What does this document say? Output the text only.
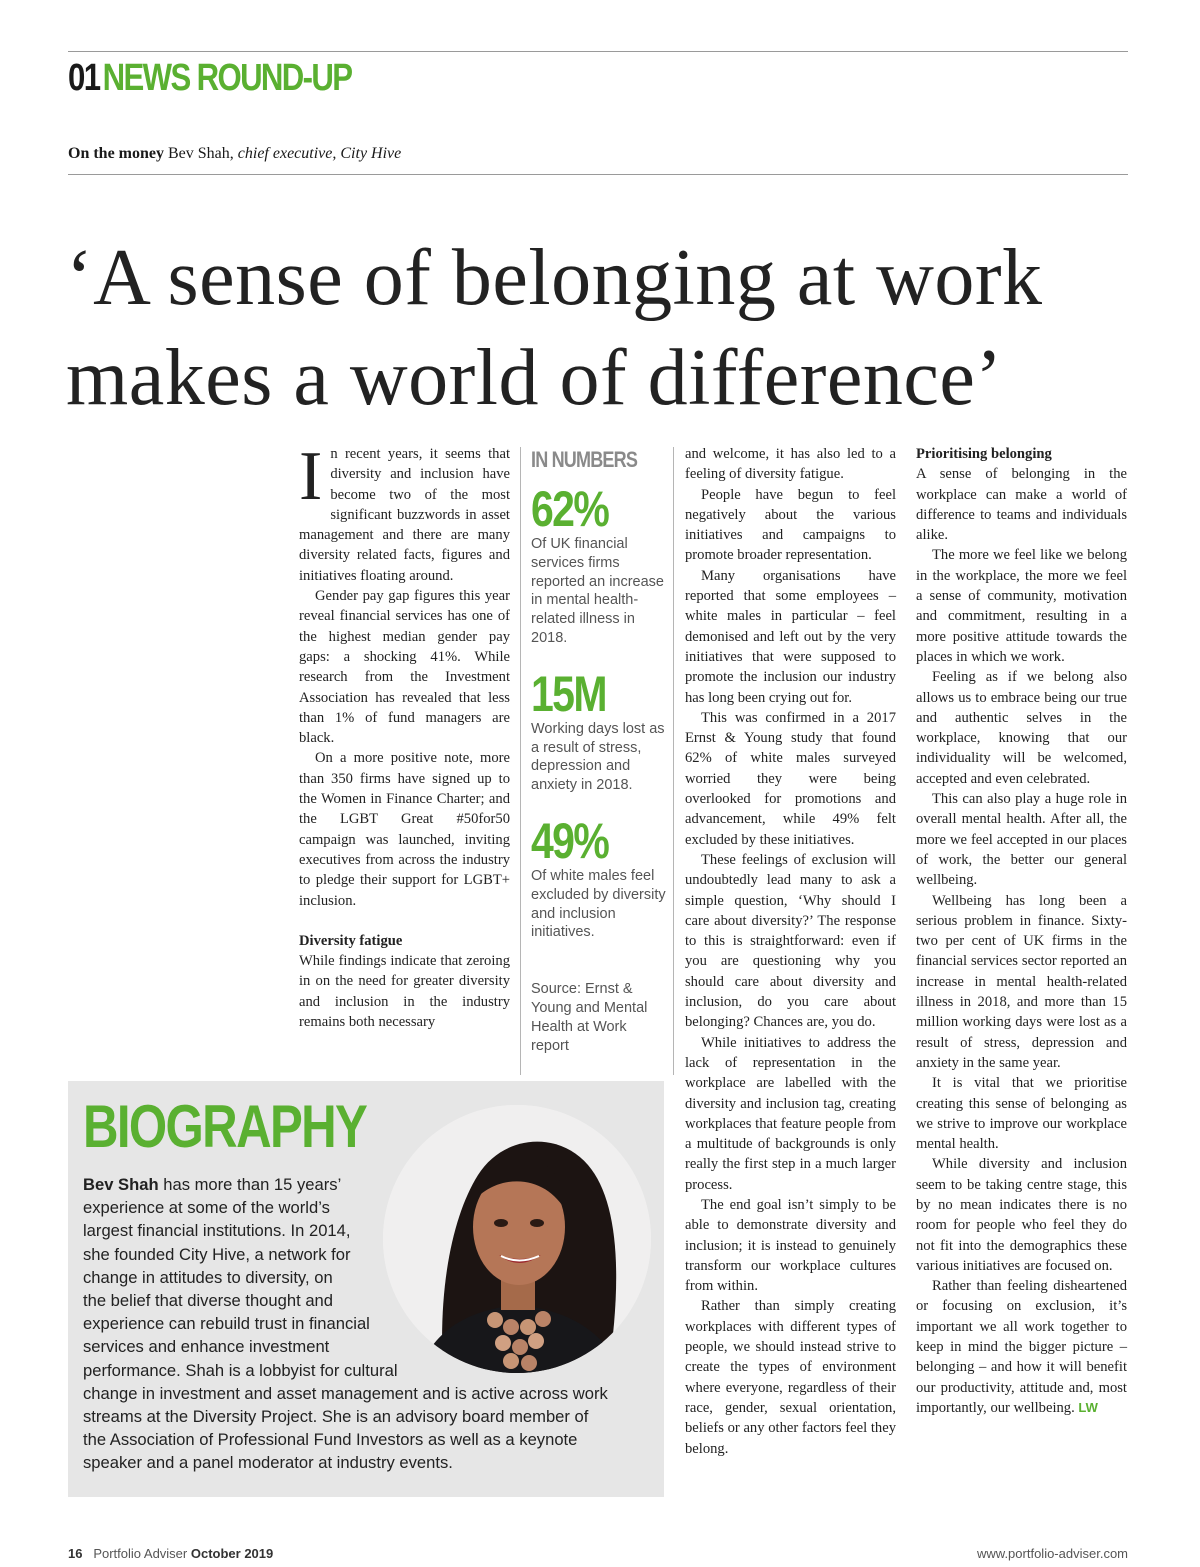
01NEWS ROUND-UP
On the money Bev Shah, chief executive, City Hive
‘A sense of belonging at work
makes a world of difference’
I n recent years, it seems that diversity and inclusion have become two of the most significant buzzwords in asset management and there are many diversity related facts, figures and initiatives floating around.

Gender pay gap figures this year reveal financial services has one of the highest median gender pay gaps: a shocking 41%. While research from the Investment Association has revealed that less than 1% of fund managers are black.

On a more positive note, more than 350 firms have signed up to the Women in Finance Charter; and the LGBT Great #50for50 campaign was launched, inviting executives from across the industry to pledge their support for LGBT+ inclusion.

Diversity fatigue

While findings indicate that zeroing in on the need for greater diversity and inclusion in the industry remains both necessary

IN NUMBERS
62%
Of UK financial services firms reported an increase in mental health-related illness in 2018.
15M
Working days lost as a result of stress, depression and anxiety in 2018.
49%
Of white males feel excluded by diversity and inclusion initiatives.
Source: Ernst & Young and Mental Health at Work report

and welcome, it has also led to a feeling of diversity fatigue.

People have begun to feel negatively about the various initiatives and campaigns to promote broader representation.

Many organisations have reported that some employees – white males in particular – feel demonised and left out by the very initiatives that were supposed to promote the inclusion our industry has long been crying out for.

This was confirmed in a 2017 Ernst & Young study that found 62% of white males surveyed worried they were being overlooked for promotions and advancement, while 49% felt excluded by these initiatives.

These feelings of exclusion will undoubtedly lead many to ask a simple question, ‘Why should I care about diversity?’ The response to this is straightforward: even if you are questioning why you should care about diversity and inclusion, do you care about belonging? Chances are, you do.

While initiatives to address the lack of representation in the workplace are labelled with the diversity and inclusion tag, creating workplaces that feature people from a multitude of backgrounds is only really the first step in a much larger process.

The end goal isn’t simply to be able to demonstrate diversity and inclusion; it is instead to genuinely transform our workplace cultures from within.

Rather than simply creating workplaces with different types of people, we should instead strive to create the types of environment where everyone, regardless of their race, gender, sexual orientation, beliefs or any other factors feel they belong.

Prioritising belonging

A sense of belonging in the workplace can make a world of difference to teams and individuals alike.

The more we feel like we belong in the workplace, the more we feel a sense of community, motivation and commitment, resulting in a more positive attitude towards the places in which we work.

Feeling as if we belong also allows us to embrace being our true and authentic selves in the workplace, knowing that our individuality will be welcomed, accepted and even celebrated.

This can also play a huge role in overall mental health. After all, the more we feel accepted in our places of work, the better our general wellbeing.

Wellbeing has long been a serious problem in finance. Sixty-two per cent of UK firms in the financial services sector reported an increase in mental health-related illness in 2018, and more than 15 million working days were lost as a result of stress, depression and anxiety in the same year.

It is vital that we prioritise creating this sense of belonging as we strive to improve our workplace mental health.

While diversity and inclusion seem to be taking centre stage, this by no mean indicates there is no room for people who feel they do not fit into the demographics these various initiatives are focused on.

Rather than feeling disheartened or focusing on exclusion, it’s important we all work together to keep in mind the bigger picture – belonging – and how it will benefit our productivity, attitude and, most importantly, our wellbeing. LW

BIOGRAPHY
Bev Shah has more than 15 years’
experience at some of the world’s
largest financial institutions. In 2014,
she founded City Hive, a network for
change in attitudes to diversity, on
the belief that diverse thought and
experience can rebuild trust in financial
services and enhance investment
performance. Shah is a lobbyist for cultural
change in investment and asset management and is active across work
streams at the Diversity Project. She is an advisory board member of
the Association of Professional Fund Investors as well as a keynote
speaker and a panel moderator at industry events.
16 Portfolio Adviser October 2019	www.portfolio-adviser.com
